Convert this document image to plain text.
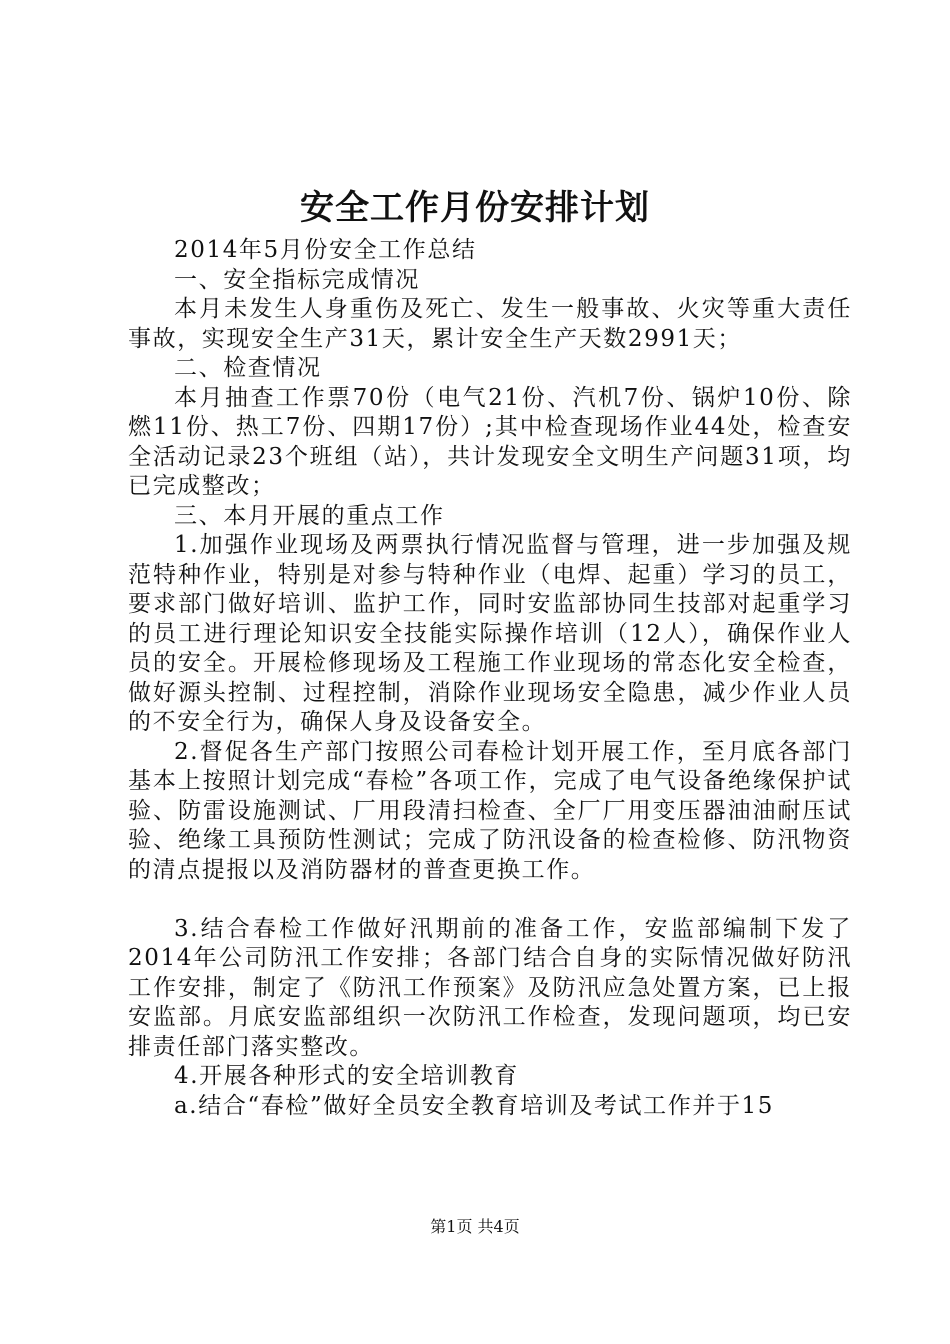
安全工作月份安排计划

2014年5月份安全工作总结

一、安全指标完成情况

本月未发生人身重伤及死亡、发生一般事故、火灾等重大责任事故，实现安全生产31天，累计安全生产天数2991天；

二、检查情况

本月抽查工作票70份（电气21份、汽机7份、锅炉10份、除燃11份、热工7份、四期17份）;其中检查现场作业44处，检查安全活动记录23个班组（站），共计发现安全文明生产问题31项，均已完成整改；

三、本月开展的重点工作

1.加强作业现场及两票执行情况监督与管理，进一步加强及规范特种作业，特别是对参与特种作业（电焊、起重）学习的员工，要求部门做好培训、监护工作，同时安监部协同生技部对起重学习的员工进行理论知识安全技能实际操作培训（12人），确保作业人员的安全。开展检修现场及工程施工作业现场的常态化安全检查，做好源头控制、过程控制，消除作业现场安全隐患，减少作业人员的不安全行为，确保人身及设备安全。

2.督促各生产部门按照公司春检计划开展工作，至月底各部门基本上按照计划完成“春检”各项工作，完成了电气设备绝缘保护试验、防雷设施测试、厂用段清扫检查、全厂厂用变压器油油耐压试验、绝缘工具预防性测试；完成了防汛设备的检查检修、防汛物资的清点提报以及消防器材的普查更换工作。

3.结合春检工作做好汛期前的准备工作，安监部编制下发了2014年公司防汛工作安排；各部门结合自身的实际情况做好防汛工作安排，制定了《防汛工作预案》及防汛应急处置方案，已上报安监部。月底安监部组织一次防汛工作检查，发现问题项，均已安排责任部门落实整改。

4.开展各种形式的安全培训教育

a.结合“春检”做好全员安全教育培训及考试工作并于15

第1页 共4页
